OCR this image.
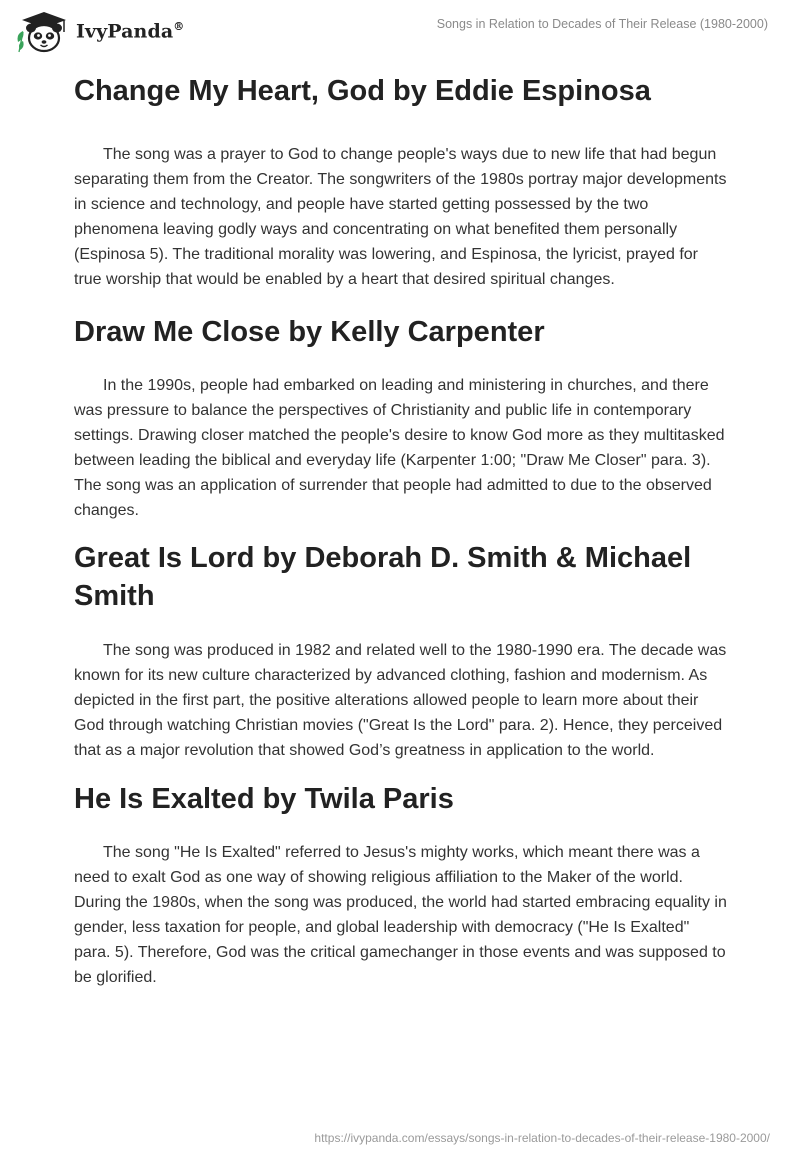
IvyPanda®	Songs in Relation to Decades of Their Release (1980-2000)
Change My Heart, God by Eddie Espinosa

The song was a prayer to God to change people's ways due to new life that had begun separating them from the Creator. The songwriters of the 1980s portray major developments in science and technology, and people have started getting possessed by the two phenomena leaving godly ways and concentrating on what benefited them personally (Espinosa 5). The traditional morality was lowering, and Espinosa, the lyricist, prayed for true worship that would be enabled by a heart that desired spiritual changes.

Draw Me Close by Kelly Carpenter

In the 1990s, people had embarked on leading and ministering in churches, and there was pressure to balance the perspectives of Christianity and public life in contemporary settings. Drawing closer matched the people's desire to know God more as they multitasked between leading the biblical and everyday life (Karpenter 1:00; "Draw Me Closer" para. 3). The song was an application of surrender that people had admitted to due to the observed changes.

Great Is Lord by Deborah D. Smith & Michael Smith

The song was produced in 1982 and related well to the 1980-1990 era. The decade was known for its new culture characterized by advanced clothing, fashion and modernism. As depicted in the first part, the positive alterations allowed people to learn more about their God through watching Christian movies ("Great Is the Lord" para. 2). Hence, they perceived that as a major revolution that showed God’s greatness in application to the world.

He Is Exalted by Twila Paris

The song "He Is Exalted" referred to Jesus's mighty works, which meant there was a need to exalt God as one way of showing religious affiliation to the Maker of the world. During the 1980s, when the song was produced, the world had started embracing equality in gender, less taxation for people, and global leadership with democracy ("He Is Exalted" para. 5). Therefore, God was the critical gamechanger in those events and was supposed to be glorified.

https://ivypanda.com/essays/songs-in-relation-to-decades-of-their-release-1980-2000/
